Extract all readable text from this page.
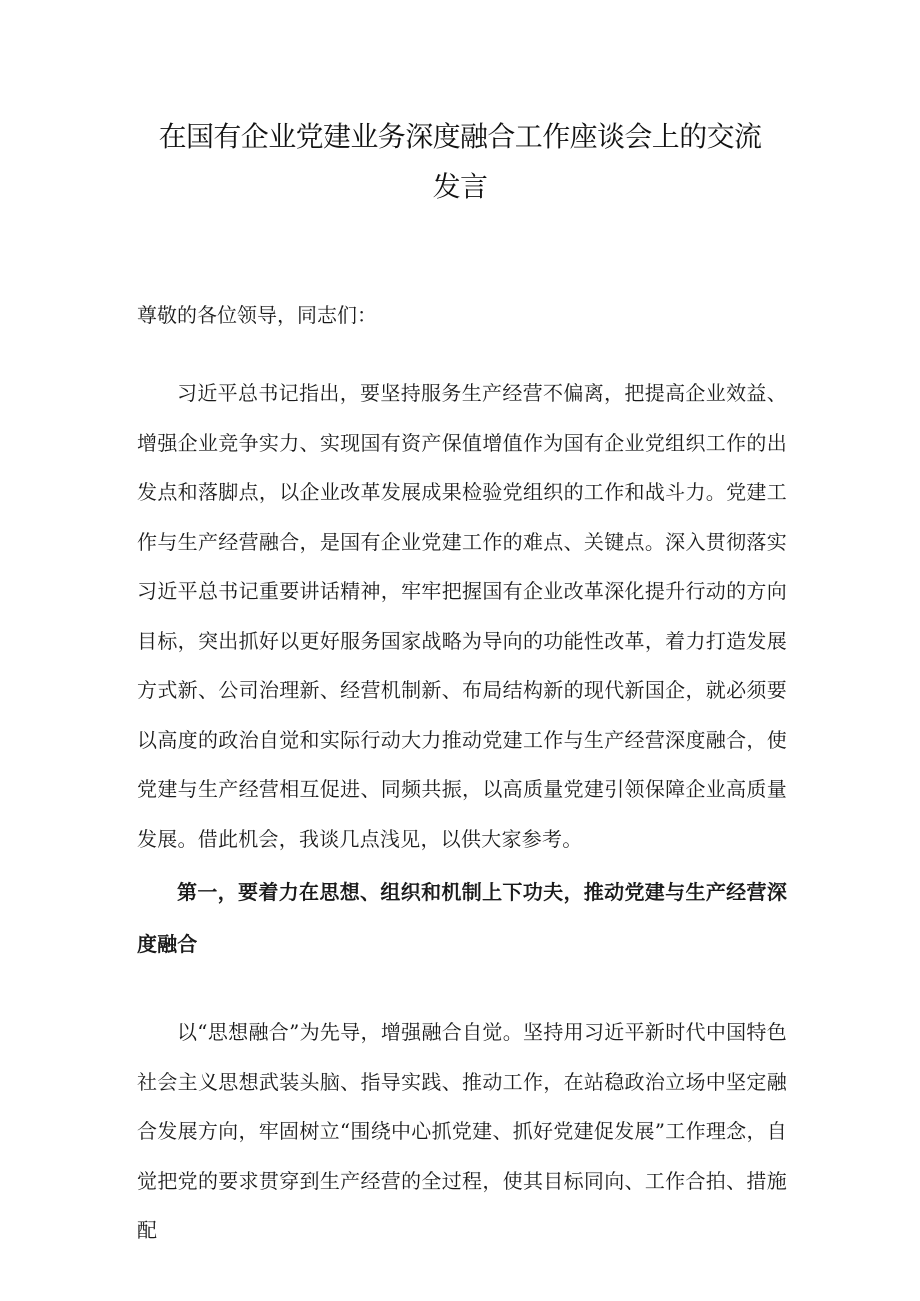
在国有企业党建业务深度融合工作座谈会上的交流发言

尊敬的各位领导，同志们：

习近平总书记指出，要坚持服务生产经营不偏离，把提高企业效益、增强企业竞争实力、实现国有资产保值增值作为国有企业党组织工作的出发点和落脚点，以企业改革发展成果检验党组织的工作和战斗力。党建工作与生产经营融合，是国有企业党建工作的难点、关键点。深入贯彻落实习近平总书记重要讲话精神，牢牢把握国有企业改革深化提升行动的方向目标，突出抓好以更好服务国家战略为导向的功能性改革，着力打造发展方式新、公司治理新、经营机制新、布局结构新的现代新国企，就必须要以高度的政治自觉和实际行动大力推动党建工作与生产经营深度融合，使党建与生产经营相互促进、同频共振，以高质量党建引领保障企业高质量发展。借此机会，我谈几点浅见，以供大家参考。

第一，要着力在思想、组织和机制上下功夫，推动党建与生产经营深度融合

以“思想融合”为先导，增强融合自觉。坚持用习近平新时代中国特色社会主义思想武装头脑、指导实践、推动工作，在站稳政治立场中坚定融合发展方向，牢固树立“围绕中心抓党建、抓好党建促发展”工作理念，自觉把党的要求贯穿到生产经营的全过程，使其目标同向、工作合拍、措施配
